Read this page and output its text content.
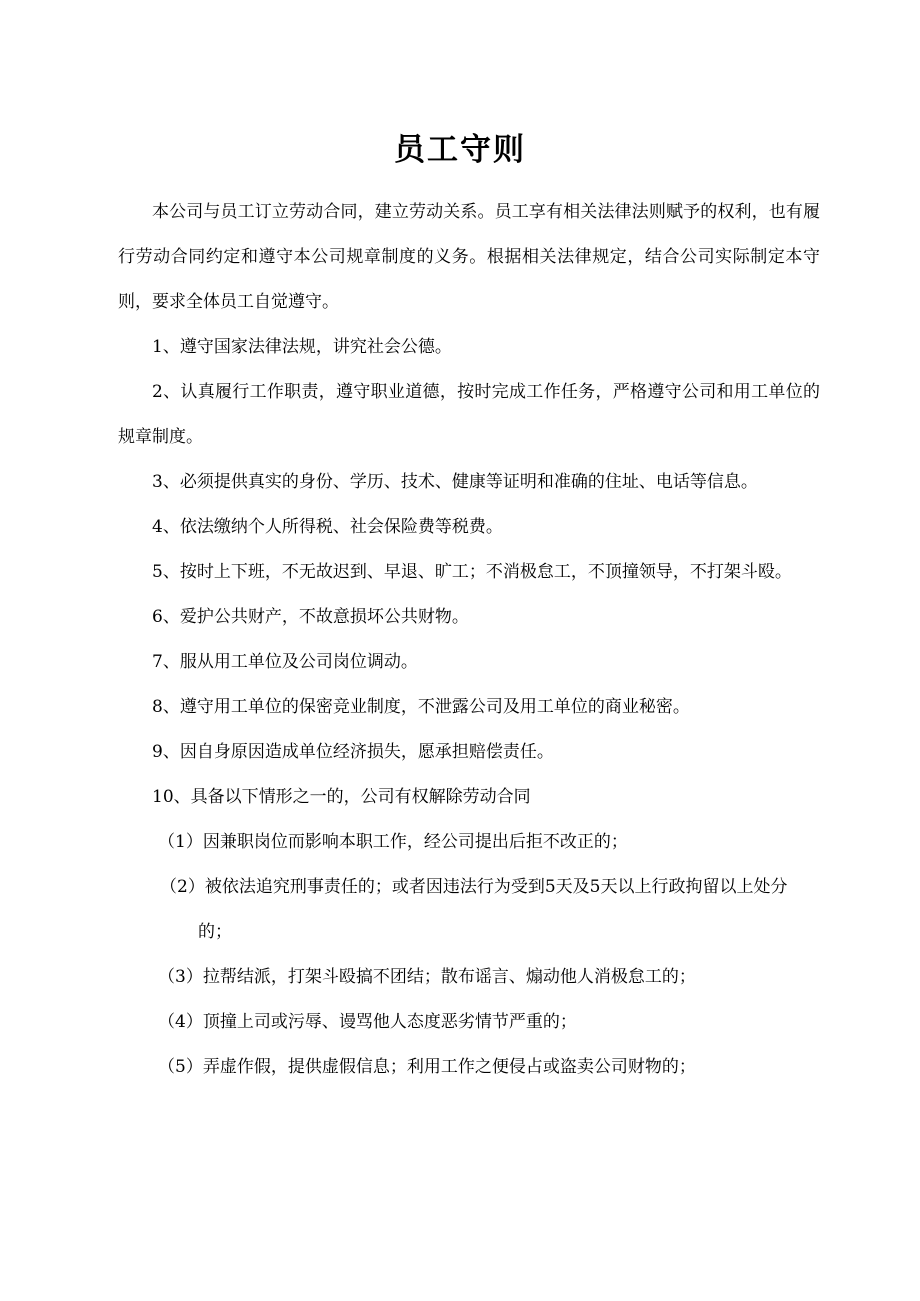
员工守则

本公司与员工订立劳动合同，建立劳动关系。员工享有相关法律法则赋予的权利，也有履行劳动合同约定和遵守本公司规章制度的义务。根据相关法律规定，结合公司实际制定本守则，要求全体员工自觉遵守。

1、遵守国家法律法规，讲究社会公德。

2、认真履行工作职责，遵守职业道德，按时完成工作任务，严格遵守公司和用工单位的规章制度。

3、必须提供真实的身份、学历、技术、健康等证明和准确的住址、电话等信息。

4、依法缴纳个人所得税、社会保险费等税费。

5、按时上下班，不无故迟到、早退、旷工；不消极怠工，不顶撞领导，不打架斗殴。

6、爱护公共财产，不故意损坏公共财物。

7、服从用工单位及公司岗位调动。

8、遵守用工单位的保密竞业制度，不泄露公司及用工单位的商业秘密。

9、因自身原因造成单位经济损失，愿承担赔偿责任。

10、具备以下情形之一的，公司有权解除劳动合同

（1）因兼职岗位而影响本职工作，经公司提出后拒不改正的；

（2）被依法追究刑事责任的；或者因违法行为受到5天及5天以上行政拘留以上处分的；

（3）拉帮结派，打架斗殴搞不团结；散布谣言、煽动他人消极怠工的；

（4）顶撞上司或污辱、谩骂他人态度恶劣情节严重的；

（5）弄虚作假，提供虚假信息；利用工作之便侵占或盗卖公司财物的；
